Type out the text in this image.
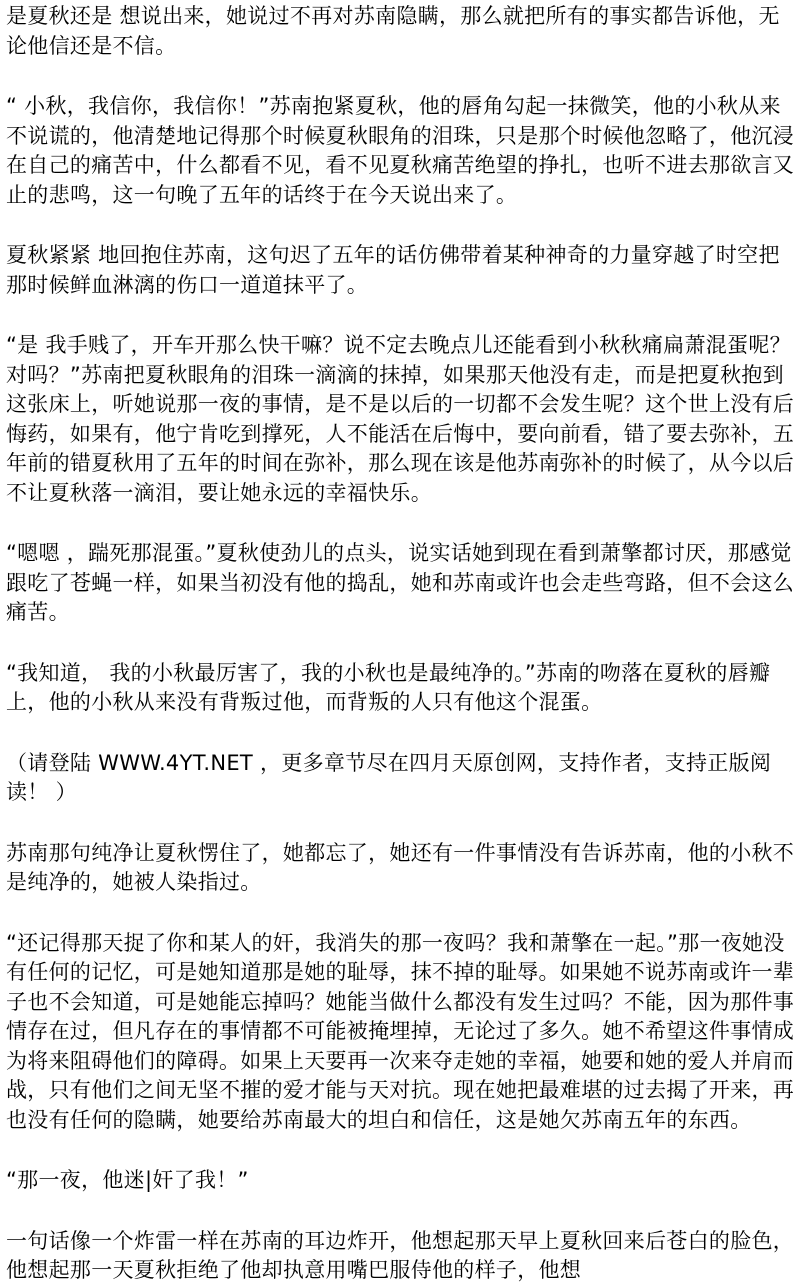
是夏秋还是 想说出来，她说过不再对苏南隐瞒，那么就把所有的事实都告诉他，无论他信还是不信。

“ 小秋，我信你，我信你！”苏南抱紧夏秋，他的唇角勾起一抹微笑，他的小秋从来不说谎的，他清楚地记得那个时候夏秋眼角的泪珠，只是那个时候他忽略了，他沉浸在自己的痛苦中，什么都看不见，看不见夏秋痛苦绝望的挣扎，也听不进去那欲言又止的悲鸣，这一句晚了五年的话终于在今天说出来了。

夏秋紧紧 地回抱住苏南，这句迟了五年的话仿佛带着某种神奇的力量穿越了时空把那时候鲜血淋漓的伤口一道道抹平了。

“是 我手贱了，开车开那么快干嘛？说不定去晚点儿还能看到小秋秋痛扁萧混蛋呢？对吗？”苏南把夏秋眼角的泪珠一滴滴的抹掉，如果那天他没有走，而是把夏秋抱到这张床上，听她说那一夜的事情，是不是以后的一切都不会发生呢？这个世上没有后悔药，如果有，他宁肯吃到撑死，人不能活在后悔中，要向前看，错了要去弥补，五年前的错夏秋用了五年的时间在弥补，那么现在该是他苏南弥补的时候了，从今以后不让夏秋落一滴泪，要让她永远的幸福快乐。

“嗯嗯 ，踹死那混蛋。”夏秋使劲儿的点头，说实话她到现在看到萧擎都讨厌，那感觉跟吃了苍蝇一样，如果当初没有他的捣乱，她和苏南或许也会走些弯路，但不会这么痛苦。

“我知道， 我的小秋最厉害了，我的小秋也是最纯净的。”苏南的吻落在夏秋的唇瓣上，他的小秋从来没有背叛过他，而背叛的人只有他这个混蛋。

（请登陆 WWW.4YT.NET ，更多章节尽在四月天原创网，支持作者，支持正版阅读！ ）

苏南那句纯净让夏秋愣住了，她都忘了，她还有一件事情没有告诉苏南，他的小秋不是纯净的，她被人染指过。

“还记得那天捉了你和某人的奸，我消失的那一夜吗？我和萧擎在一起。”那一夜她没有任何的记忆，可是她知道那是她的耻辱，抹不掉的耻辱。如果她不说苏南或许一辈子也不会知道，可是她能忘掉吗？她能当做什么都没有发生过吗？不能，因为那件事情存在过，但凡存在的事情都不可能被掩埋掉，无论过了多久。她不希望这件事情成为将来阻碍他们的障碍。如果上天要再一次来夺走她的幸福，她要和她的爱人并肩而战，只有他们之间无坚不摧的爱才能与天对抗。现在她把最难堪的过去揭了开来，再也没有任何的隐瞒，她要给苏南最大的坦白和信任，这是她欠苏南五年的东西。

“那一夜，他迷|奸了我！”

一句话像一个炸雷一样在苏南的耳边炸开，他想起那天早上夏秋回来后苍白的脸色，他想起那一天夏秋拒绝了他却执意用嘴巴服侍他的样子，他想
